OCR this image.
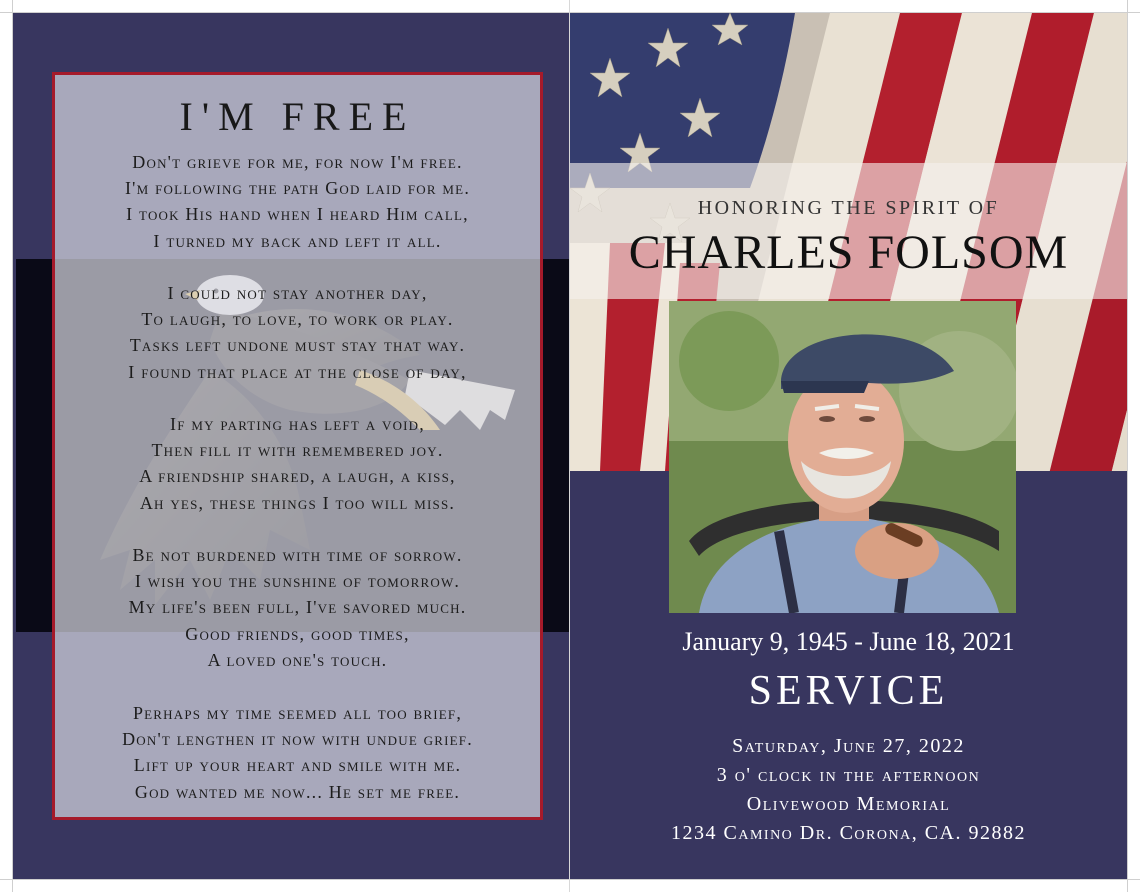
I'M FREE
Don't grieve for me, for now I'm free.
I'm following the path God laid for me.
I took His hand when I heard Him call,
I turned my back and left it all.
I could not stay another day,
To laugh, to love, to work or play.
Tasks left undone must stay that way.
I found that place at the close of day,
If my parting has left a void,
Then fill it with remembered joy.
A friendship shared, a laugh, a kiss,
Ah yes, these things I too will miss.
Be not burdened with time of sorrow.
I wish you the sunshine of tomorrow.
My life's been full, I've savored much.
Good friends, good times,
A loved one's touch.
Perhaps my time seemed all too brief,
Don't lengthen it now with undue grief.
Lift up your heart and smile with me.
God wanted me now... He set me free.
HONORING THE SPIRIT OF
CHARLES FOLSOM
January 9, 1945 - June 18, 2021
SERVICE
Saturday, June 27, 2022
3 o' clock in the afternoon
Olivewood Memorial
1234 Camino Dr. Corona, CA. 92882
